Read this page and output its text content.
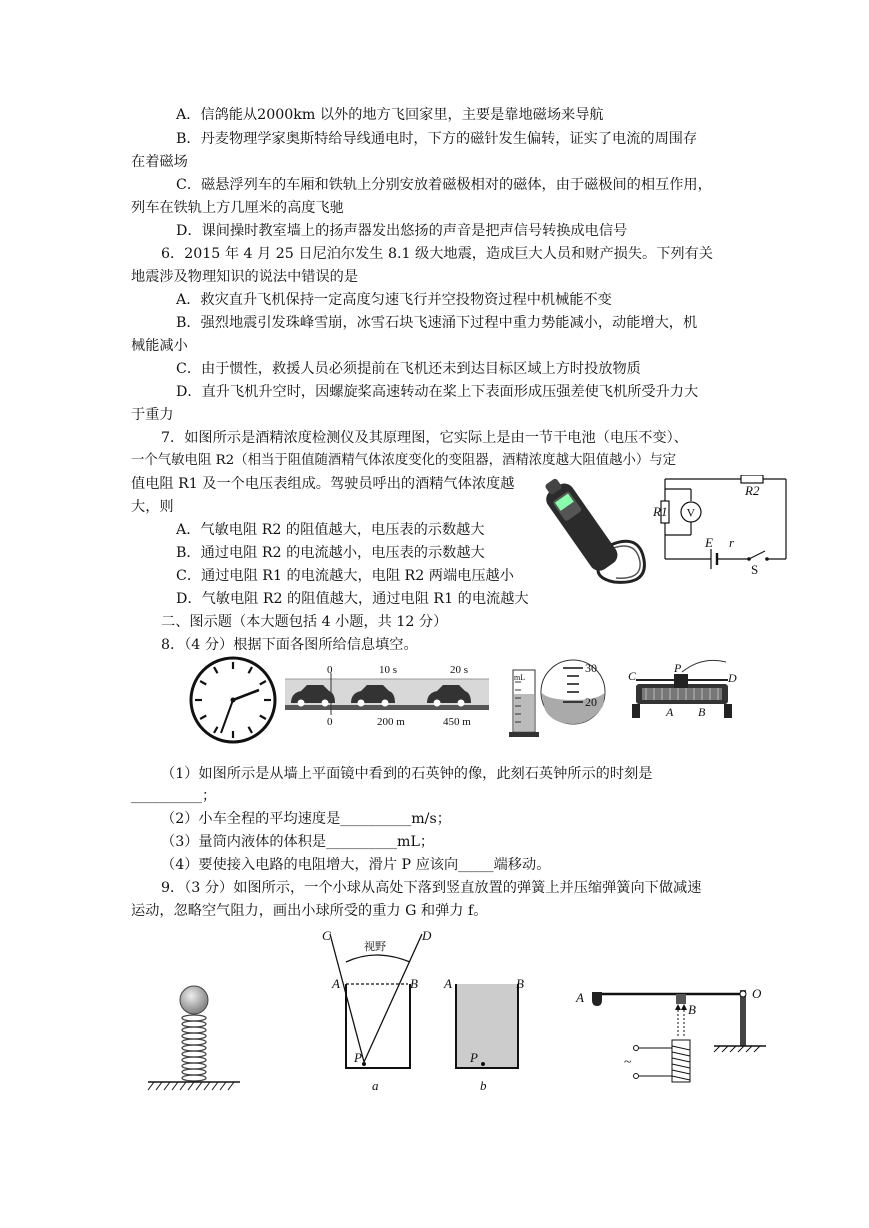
A．信鸽能从2000km 以外的地方飞回家里，主要是靠地磁场来导航
B．丹麦物理学家奥斯特给导线通电时，下方的磁针发生偏转，证实了电流的周围存
在着磁场
C．磁悬浮列车的车厢和铁轨上分别安放着磁极相对的磁体，由于磁极间的相互作用，
列车在铁轨上方几厘米的高度飞驰
D．课间操时教室墙上的扬声器发出悠扬的声音是把声信号转换成电信号
6．2015 年 4 月 25 日尼泊尔发生 8.1 级大地震，造成巨大人员和财产损失。下列有关
地震涉及物理知识的说法中错误的是
A．救灾直升飞机保持一定高度匀速飞行并空投物资过程中机械能不变
B．强烈地震引发珠峰雪崩，冰雪石块飞速涌下过程中重力势能减小，动能增大，机
械能减小
C．由于惯性，救援人员必须提前在飞机还未到达目标区域上方时投放物质
D．直升飞机升空时，因螺旋桨高速转动在桨上下表面形成压强差使飞机所受升力大
于重力
7．如图所示是酒精浓度检测仪及其原理图，它实际上是由一节干电池（电压不变）、
一个气敏电阻 R2（相当于阻值随酒精气体浓度变化的变阻器，酒精浓度越大阻值越小）与定
值电阻 R1 及一个电压表组成。驾驶员呼出的酒精气体浓度越
大，则
A．气敏电阻 R2 的阻值越大，电压表的示数越大
B．通过电阻 R2 的电流越小，电压表的示数越大
C．通过电阻 R1 的电流越大，电阻 R2 两端电压越小
D．气敏电阻 R2 的阻值越大，通过电阻 R1 的电流越大
二、图示题（本大题包括 4 小题，共 12 分）
8．（4 分）根据下面各图所给信息填空。
（1）如图所示是从墙上平面镜中看到的石英钟的像，此刻石英钟所示的时刻是
__________；
（2）小车全程的平均速度是__________m/s；
（3）量筒内液体的体积是__________mL；
（4）要使接入电路的电阻增大，滑片 P 应该向_____端移动。
9．（3 分）如图所示，一个小球从高处下落到竖直放置的弹簧上并压缩弹簧向下做减速
运动，忽略空气阻力，画出小球所受的重力 G 和弹力 f。
V
R1
R2
E r
S
0	10 s	20 s
0	200 m	450 m
mL
30
20
C
P
D
A B
C	D
视野
A	B A	B
P	P
a	b
A
B
O
~
